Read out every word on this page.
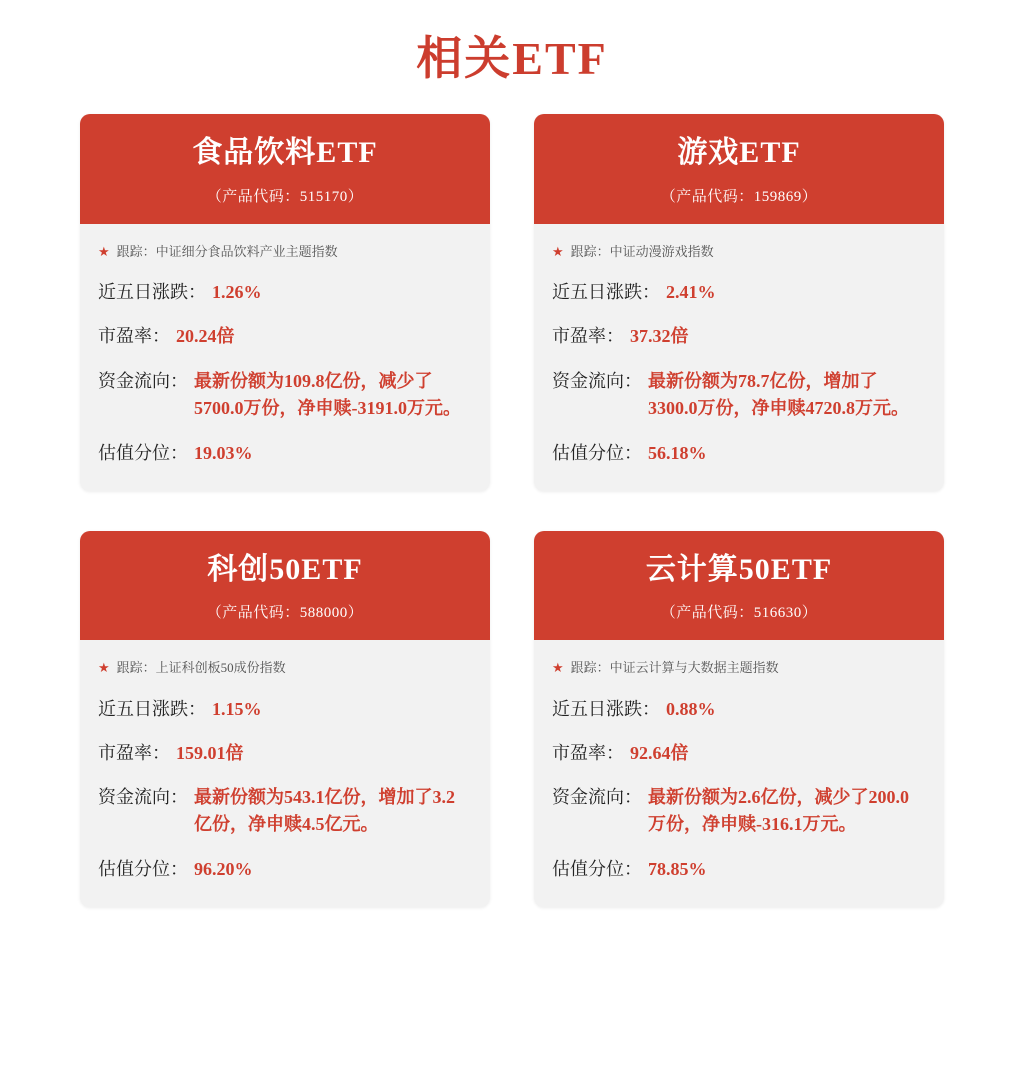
相关ETF
食品饮料ETF
（产品代码：515170）
★ 跟踪：中证细分食品饮料产业主题指数
近五日涨跌： 1.26%
市盈率： 20.24倍
资金流向： 最新份额为109.8亿份，减少了5700.0万份，净申赎-3191.0万元。
估值分位： 19.03%
游戏ETF
（产品代码：159869）
★ 跟踪：中证动漫游戏指数
近五日涨跌： 2.41%
市盈率： 37.32倍
资金流向： 最新份额为78.7亿份，增加了3300.0万份，净申赎4720.8万元。
估值分位： 56.18%
科创50ETF
（产品代码：588000）
★ 跟踪：上证科创板50成份指数
近五日涨跌： 1.15%
市盈率： 159.01倍
资金流向： 最新份额为543.1亿份，增加了3.2亿份，净申赎4.5亿元。
估值分位： 96.20%
云计算50ETF
（产品代码：516630）
★ 跟踪：中证云计算与大数据主题指数
近五日涨跌： 0.88%
市盈率： 92.64倍
资金流向： 最新份额为2.6亿份，减少了200.0万份，净申赎-316.1万元。
估值分位： 78.85%
